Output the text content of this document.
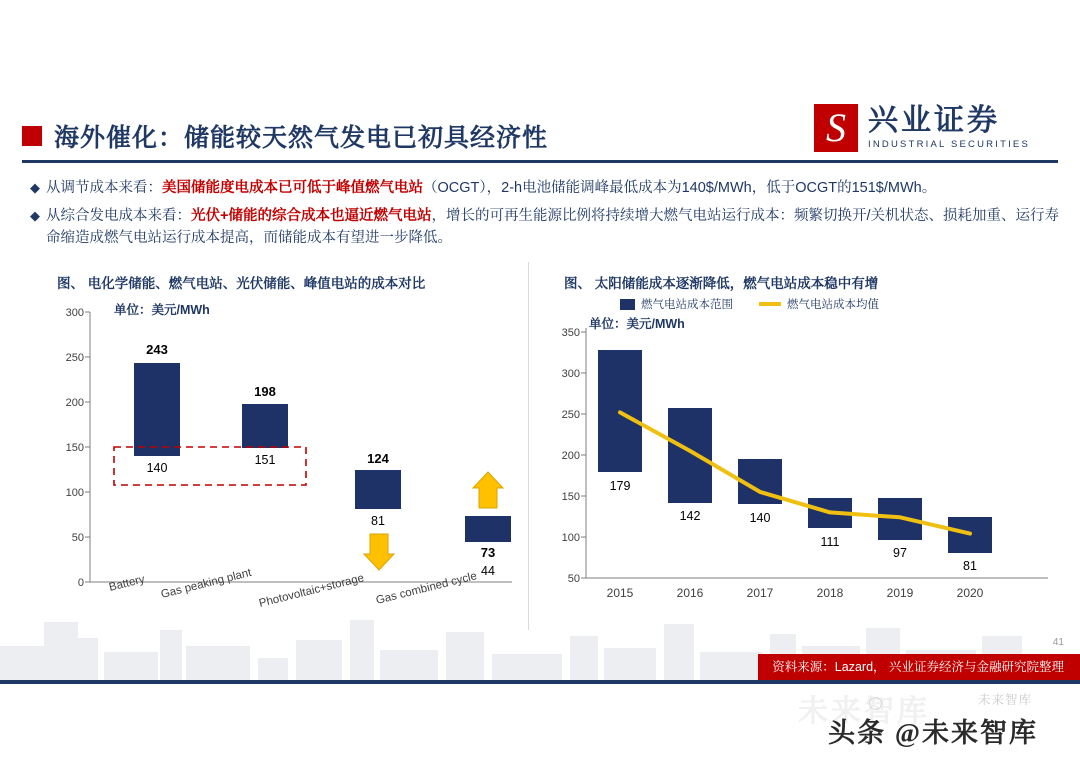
海外催化：储能较天然气发电已初具经济性	S 兴业证券
INDUSTRIAL SECURITIES
◆ 从调节成本来看：美国储能度电成本已可低于峰值燃气电站（OCGT），2-h电池储能调峰最低成本为140$/MWh，低于OCGT的151$/MWh。
◆ 从综合发电成本来看：光伏+储能的综合成本也逼近燃气电站，增长的可再生能源比例将持续增大燃气电站运行成本：频繁切换开/关机状态、损耗加重、运行寿命缩造成燃气电站运行成本提高，而储能成本有望进一步降低。
图、 电化学储能、燃气电站、光伏储能、峰值电站的成本对比
单位：美元/MWh
300
250
200
150
100
50
0
243
140
198
151	124
81
73
44
Battery Gas peaking plant Photovoltaic+storage Gas combined cycle
图、 太阳储能成本逐渐降低，燃气电站成本稳中有增
单位：美元/MWh
燃气电站成本范围	燃气电站成本均值
350
300
250
200
150
100
50
179
142	140
111
97
81
2015	2016	2017	2018	2019	2020
41
资料来源：Lazard， 兴业证券经济与金融研究院整理
未来智库	未来智库
头条 @未来智库
